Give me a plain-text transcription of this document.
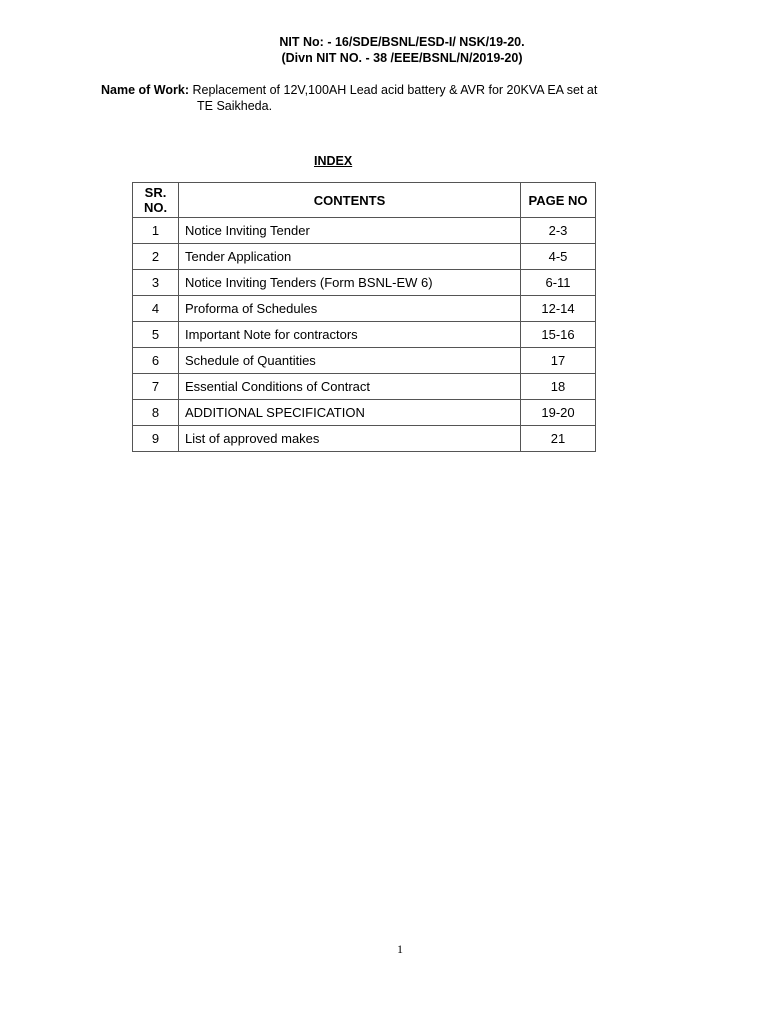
NIT No: - 16/SDE/BSNL/ESD-I/ NSK/19-20.
(Divn NIT NO. - 38 /EEE/BSNL/N/2019-20)
Name of Work: Replacement of 12V,100AH Lead acid battery & AVR for 20KVA EA set at
TE Saikheda.
INDEX
SR.
NO.	CONTENTS	PAGE NO
1	Notice Inviting Tender	2-3
2	Tender Application	4-5
3	Notice Inviting Tenders (Form BSNL-EW 6)	6-11
4	Proforma of Schedules	12-14
5	Important Note for contractors	15-16
6	Schedule of Quantities	17
7	Essential Conditions of Contract	18
8	ADDITIONAL SPECIFICATION	19-20
9	List of approved makes	21
1
